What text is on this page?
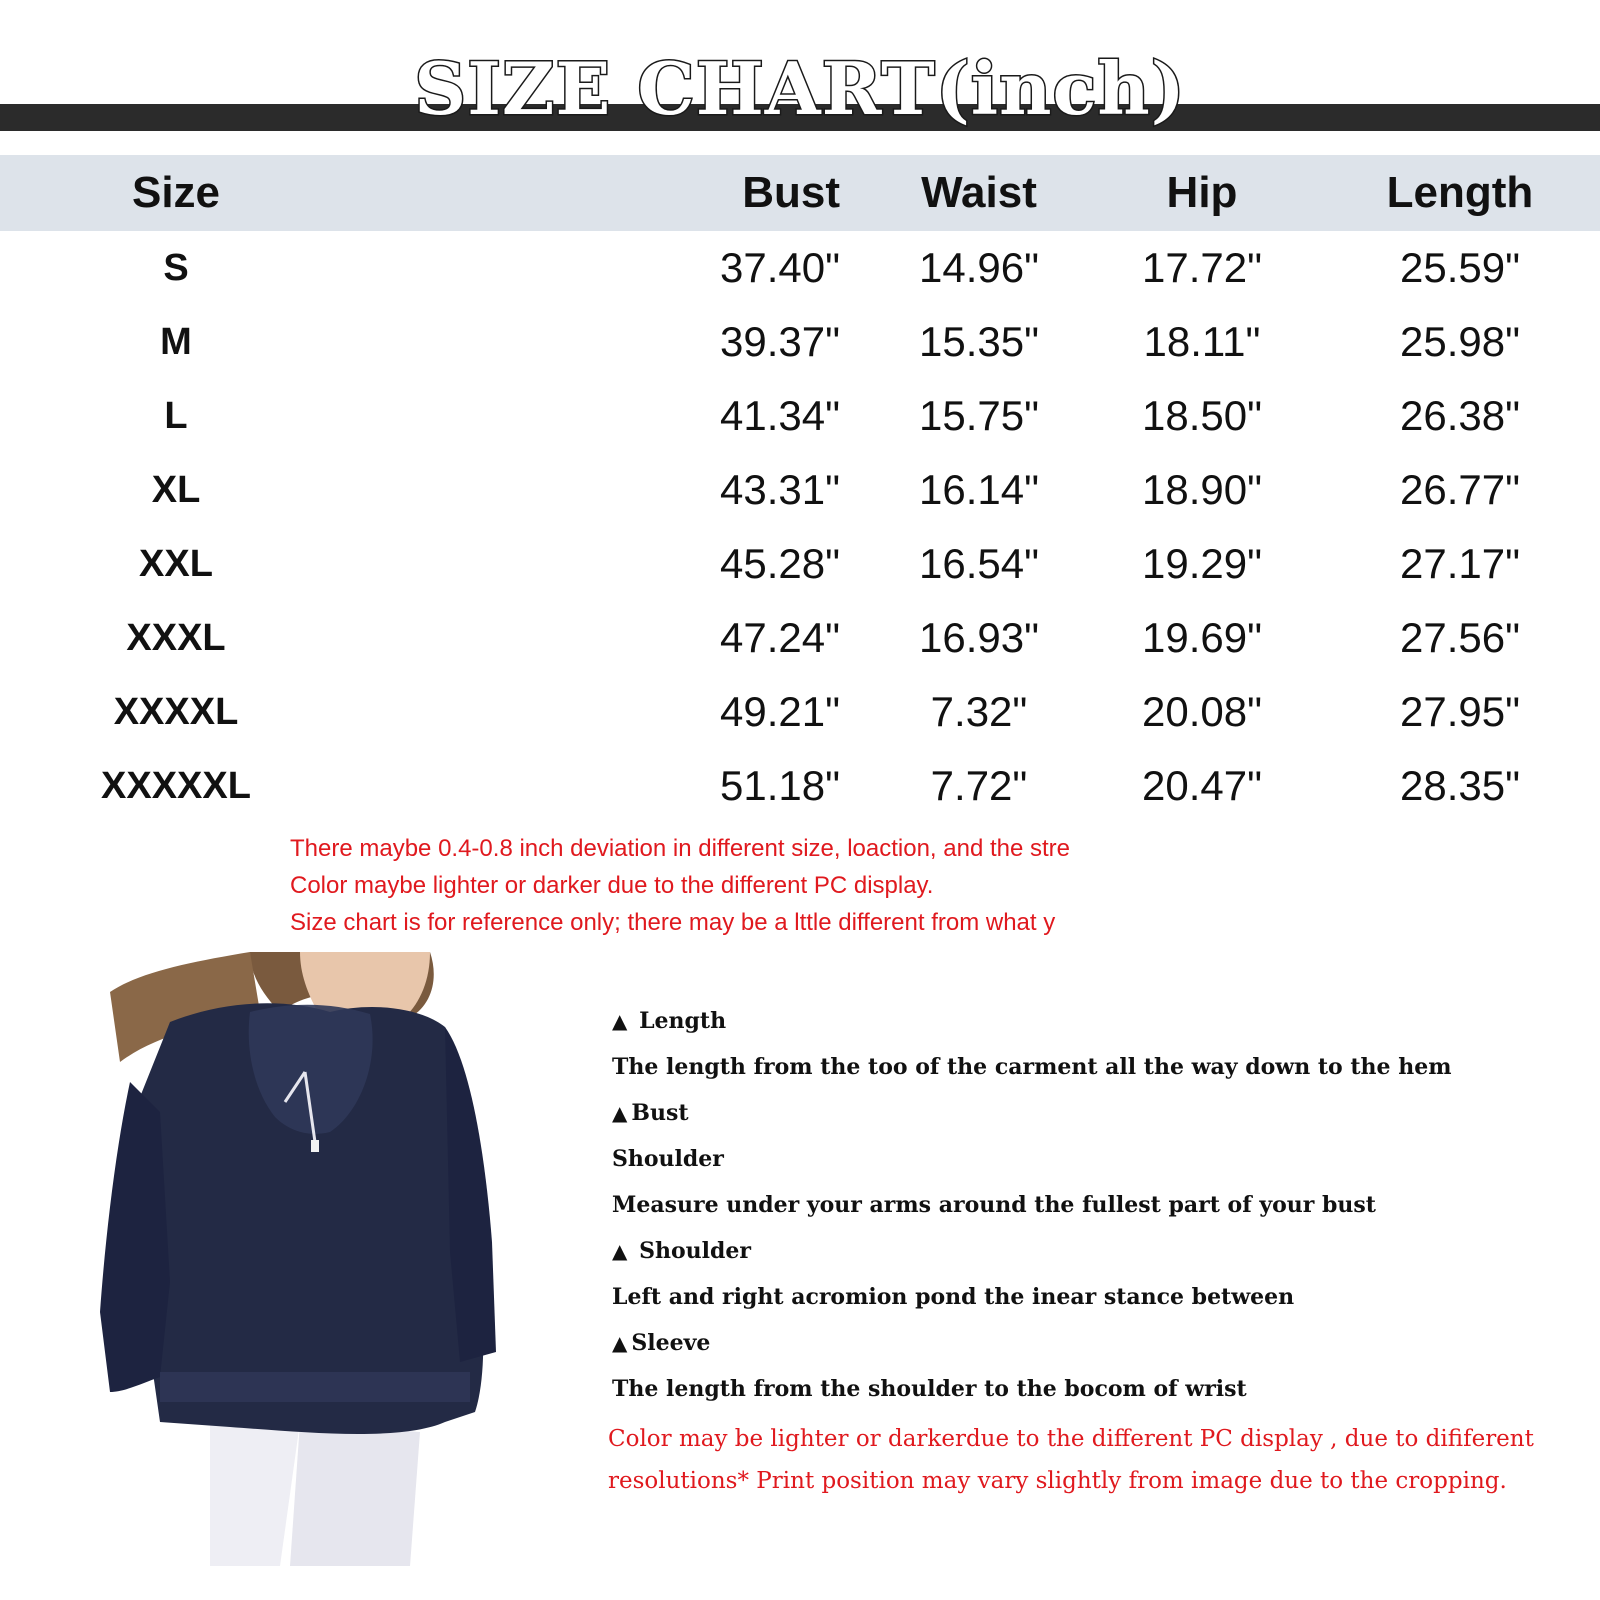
SIZE CHART(inch)
Size	Bust	Waist	Hip	Length
S	37.40"	14.96"	17.72"	25.59"
M	39.37"	15.35"	18.11"	25.98"
L	41.34"	15.75"	18.50"	26.38"
XL	43.31"	16.14"	18.90"	26.77"
XXL	45.28"	16.54"	19.29"	27.17"
XXXL	47.24"	16.93"	19.69"	27.56"
XXXXL	49.21"	7.32"	20.08"	27.95"
XXXXXL	51.18"	7.72"	20.47"	28.35"
There maybe 0.4-0.8 inch deviation in different size, loaction, and the stre
Color maybe lighter or darker due to the different PC display.
Size chart is for reference only; there may be a lttle different from what y
▲ Length
The length from the too of the carment all the way down to the hem
▲ Bust
Shoulder
Measure under your arms around the fullest part of your bust
▲ Shoulder
Left and right acromion pond the inear stance between
▲ Sleeve
The length from the shoulder to the bocom of wrist
Color may be lighter or darkerdue to the different PC display , due to dififerent
resolutions* Print position may vary slightly from image due to the cropping.
